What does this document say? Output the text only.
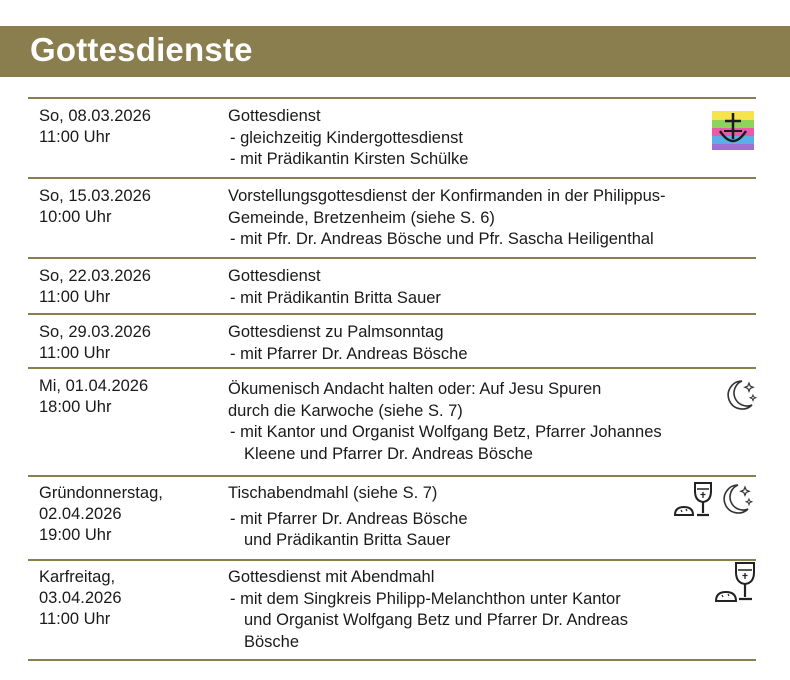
Gottesdienste
So, 08.03.2026
11:00 Uhr
Gottesdienst
- gleichzeitig Kindergottesdienst
- mit Prädikantin Kirsten Schülke
So, 15.03.2026
10:00 Uhr
Vorstellungsgottesdienst der Konfirmanden in der Philippus-
Gemeinde, Bretzenheim (siehe S. 6)
- mit Pfr. Dr. Andreas Bösche und Pfr. Sascha Heiligenthal
So, 22.03.2026
11:00 Uhr
Gottesdienst
- mit Prädikantin Britta Sauer
So, 29.03.2026
11:00 Uhr
Gottesdienst zu Palmsonntag
- mit Pfarrer Dr. Andreas Bösche
Mi, 01.04.2026
18:00 Uhr
Ökumenisch Andacht halten oder: Auf Jesu Spuren
durch die Karwoche (siehe S. 7)
- mit Kantor und Organist Wolfgang Betz, Pfarrer Johannes
Kleene und Pfarrer Dr. Andreas Bösche
Gründonnerstag,
02.04.2026
19:00 Uhr
Tischabendmahl (siehe S. 7)
- mit Pfarrer Dr. Andreas Bösche
und Prädikantin Britta Sauer
Karfreitag,
03.04.2026
11:00 Uhr
Gottesdienst mit Abendmahl
- mit dem Singkreis Philipp-Melanchthon unter Kantor
und Organist Wolfgang Betz und Pfarrer Dr. Andreas
Bösche
